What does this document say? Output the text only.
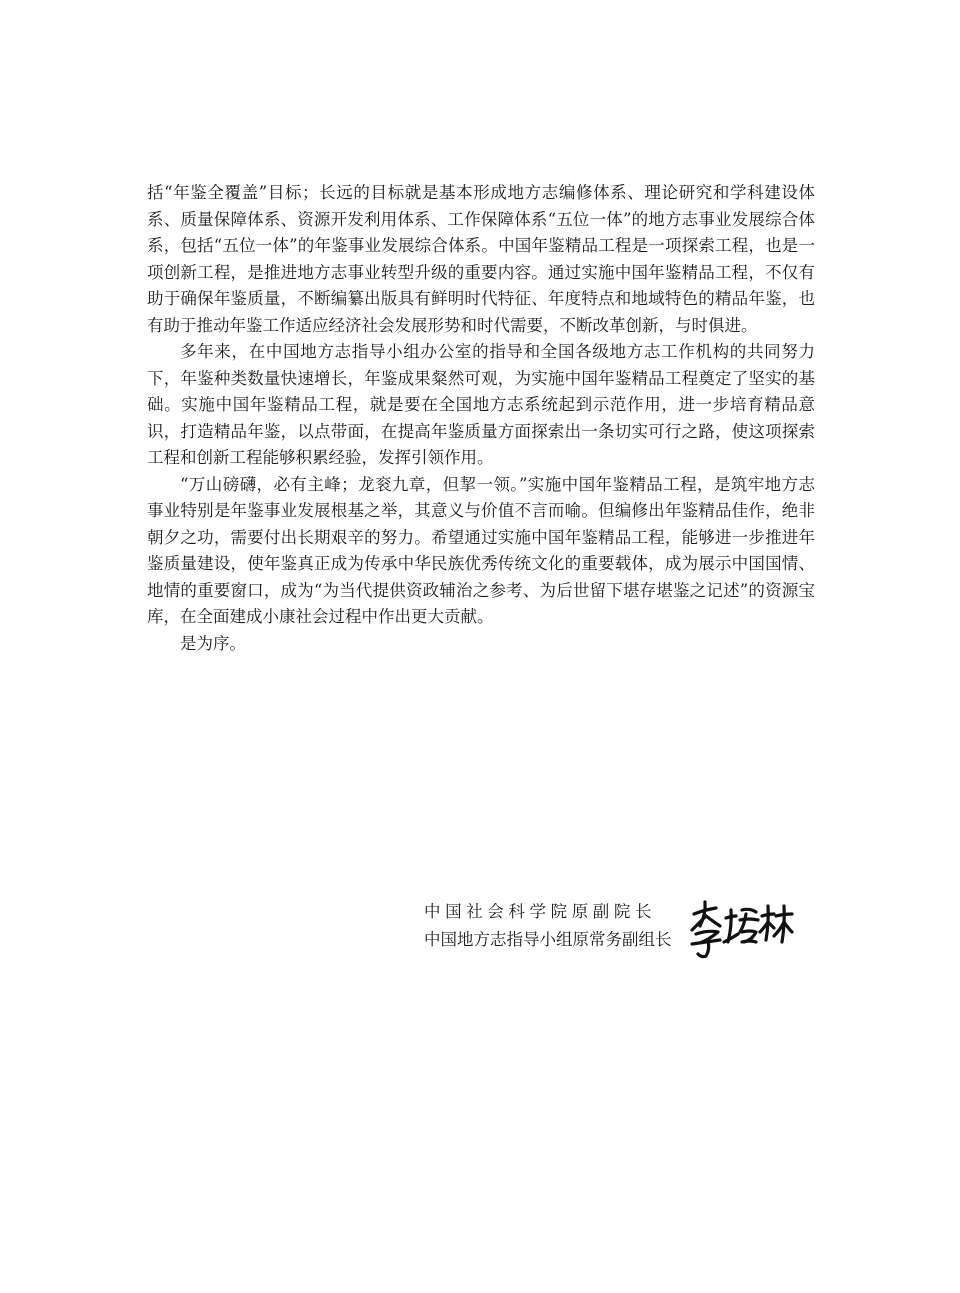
括“年鉴全覆盖”目标；长远的目标就是基本形成地方志编修体系、理论研究和学科建设体系、质量保障体系、资源开发利用体系、工作保障体系“五位一体”的地方志事业发展综合体系，包括“五位一体”的年鉴事业发展综合体系。中国年鉴精品工程是一项探索工程，也是一项创新工程，是推进地方志事业转型升级的重要内容。通过实施中国年鉴精品工程，不仅有助于确保年鉴质量，不断编纂出版具有鲜明时代特征、年度特点和地域特色的精品年鉴，也有助于推动年鉴工作适应经济社会发展形势和时代需要，不断改革创新，与时俱进。

多年来，在中国地方志指导小组办公室的指导和全国各级地方志工作机构的共同努力下，年鉴种类数量快速增长，年鉴成果粲然可观，为实施中国年鉴精品工程奠定了坚实的基础。实施中国年鉴精品工程，就是要在全国地方志系统起到示范作用，进一步培育精品意识，打造精品年鉴，以点带面，在提高年鉴质量方面探索出一条切实可行之路，使这项探索工程和创新工程能够积累经验，发挥引领作用。

“万山磅礴，必有主峰；龙衮九章，但挈一领。”实施中国年鉴精品工程，是筑牢地方志事业特别是年鉴事业发展根基之举，其意义与价值不言而喻。但编修出年鉴精品佳作，绝非朝夕之功，需要付出长期艰辛的努力。希望通过实施中国年鉴精品工程，能够进一步推进年鉴质量建设，使年鉴真正成为传承中华民族优秀传统文化的重要载体，成为展示中国国情、地情的重要窗口，成为“为当代提供资政辅治之参考、为后世留下堪存堪鉴之记述”的资源宝库，在全面建成小康社会过程中作出更大贡献。

是为序。

中国社会科学院原副院长
中国地方志指导小组原常务副组长
